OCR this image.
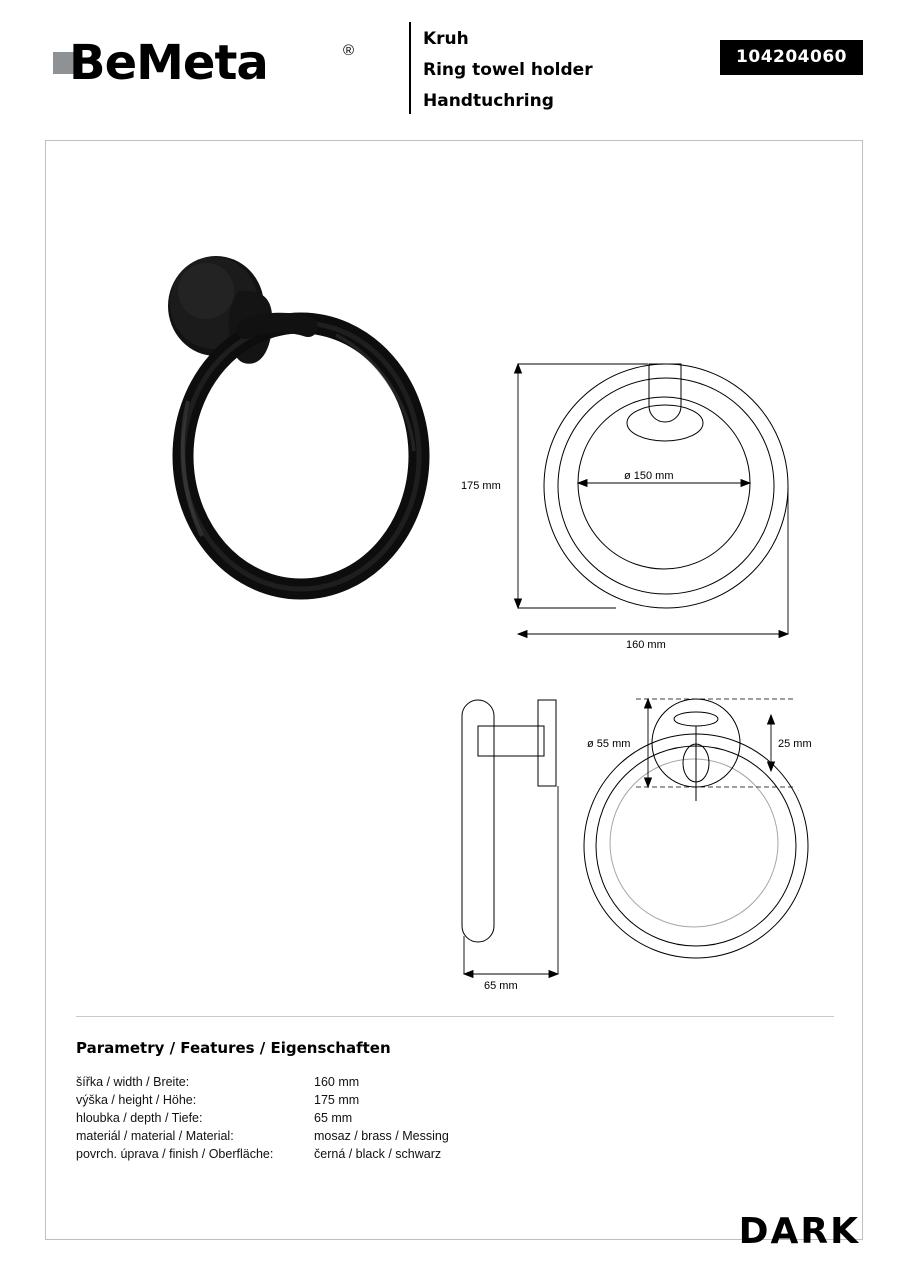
BeMeta	®
Kruh
Ring towel holder
Handtuchring
104204060
175 mm
ø 150 mm
160 mm
65 mm
ø 55 mm	25 mm
Parametry / Features / Eigenschaften
šířka / width / Breite:	160 mm
výška / height / Höhe:	175 mm
hloubka / depth / Tiefe:	65 mm
materiál / material / Material:	mosaz / brass / Messing
povrch. úprava / finish / Oberfläche:	černá / black / schwarz
DARK
